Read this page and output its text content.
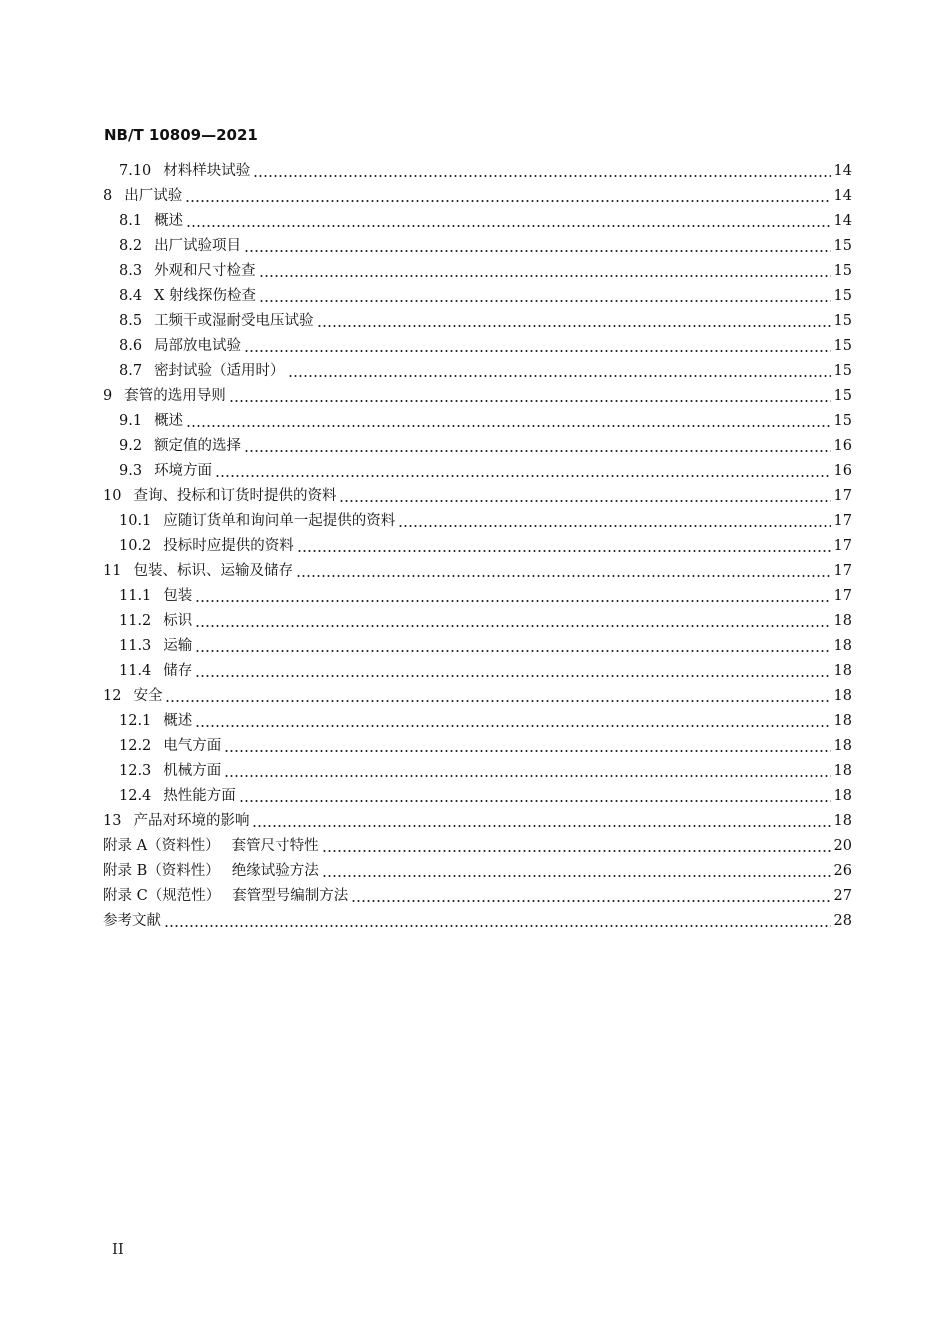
NB/T 10809—2021
7.10 材料样块试验	14
8 出厂试验	14
8.1 概述	14
8.2 出厂试验项目	15
8.3 外观和尺寸检查	15
8.4 X 射线探伤检查	15
8.5 工频干或湿耐受电压试验	15
8.6 局部放电试验	15
8.7 密封试验（适用时）	15
9 套管的选用导则	15
9.1 概述	15
9.2 额定值的选择	16
9.3 环境方面	16
10 查询、投标和订货时提供的资料	17
10.1 应随订货单和询问单一起提供的资料	17
10.2 投标时应提供的资料	17
11 包装、标识、运输及储存	17
11.1 包装	17
11.2 标识	18
11.3 运输	18
11.4 储存	18
12 安全	18
12.1 概述	18
12.2 电气方面	18
12.3 机械方面	18
12.4 热性能方面	18
13 产品对环境的影响	18
附录 A（资料性） 套管尺寸特性	20
附录 B（资料性） 绝缘试验方法	26
附录 C（规范性） 套管型号编制方法	27
参考文献	28
II
